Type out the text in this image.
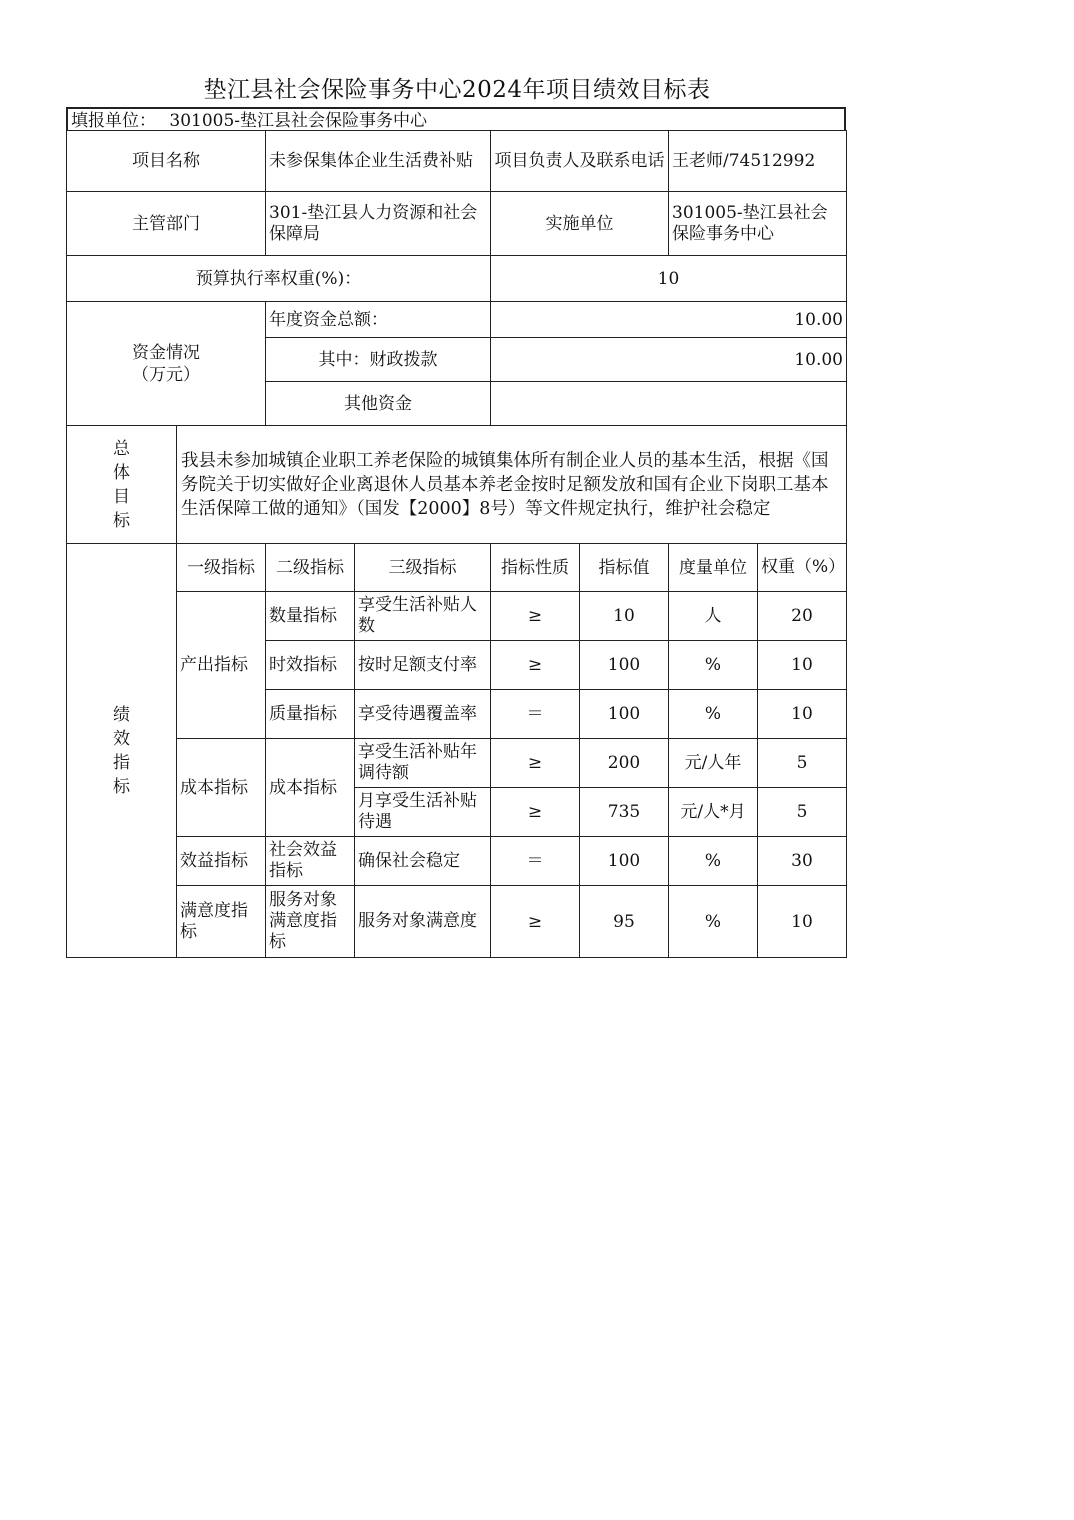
垫江县社会保险事务中心2024年项目绩效目标表
填报单位： 301005-垫江县社会保险事务中心
项目名称		未参保集体企业生活费补贴		项目负责人及联系电话		王老师/74512992	
主管部门		301-垫江县人力资源和社会保障局		实施单位		301005-垫江县社会保险事务中心	
预算执行率权重(%)：				10			

资金情况
（万元）		年度资金总额：		10.00			
		其中：财政拨款		10.00			
		其他资金					

总
体
目
标	我县未参加城镇企业职工养老保险的城镇集体所有制企业人员的基本生活，根据《国务院关于切实做好企业离退休人员基本养老金按时足额发放和国有企业下岗职工基本生活保障工做的通知》（国发【2000】8号）等文件规定执行，维护社会稳定						

绩
效
指
标	一级指标	二级指标	三级指标	指标性质	指标值	度量单位	权重（%）
	产出指标	数量指标	享受生活补贴人数	≥	10	人	20
		时效指标	按时足额支付率	≥	100	%	10
		质量指标	享受待遇覆盖率	＝	100	%	10
	成本指标	成本指标	享受生活补贴年调待额	≥	200	元/人年	5
			月享受生活补贴待遇	≥	735	元/人*月	5
	效益指标	社会效益指标	确保社会稳定	＝	100	%	30
	满意度指标	服务对象满意度指标	服务对象满意度	≥	95	%	10
